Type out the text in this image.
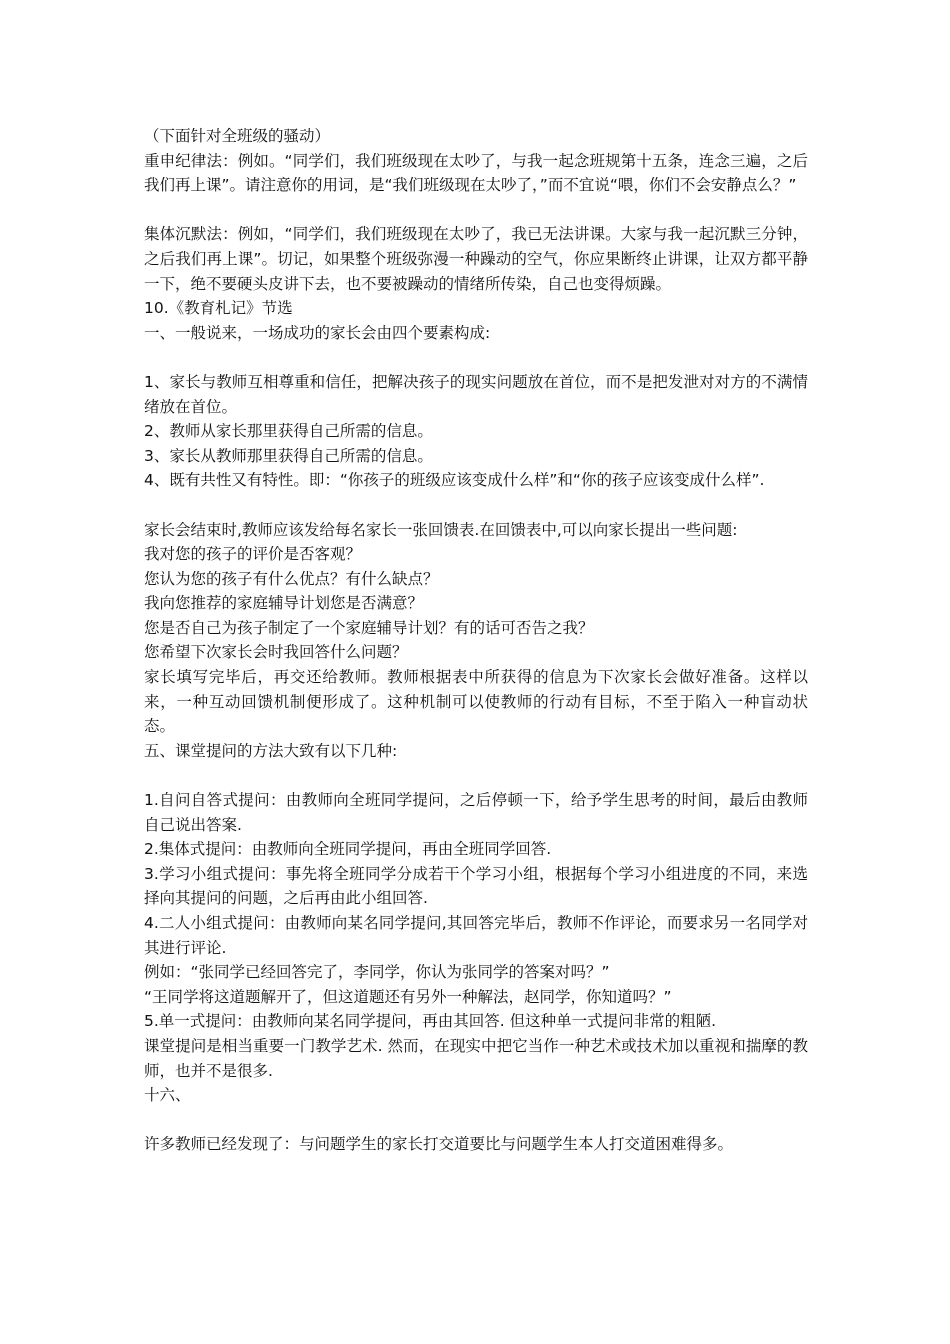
（下面针对全班级的骚动）
重申纪律法：例如。“同学们，我们班级现在太吵了，与我一起念班规第十五条，连念三遍，之后我们再上课”。请注意你的用词，是“我们班级现在太吵了，”而不宜说“喂，你们不会安静点么？”
集体沉默法：例如，“同学们，我们班级现在太吵了，我已无法讲课。大家与我一起沉默三分钟，之后我们再上课”。切记，如果整个班级弥漫一种躁动的空气，你应果断终止讲课，让双方都平静一下，绝不要硬头皮讲下去，也不要被躁动的情绪所传染，自己也变得烦躁。
10.《教育札记》节选
一、一般说来，一场成功的家长会由四个要素构成:
1、家长与教师互相尊重和信任，把解决孩子的现实问题放在首位，而不是把发泄对对方的不满情绪放在首位。
2、教师从家长那里获得自己所需的信息。
3、家长从教师那里获得自己所需的信息。
4、既有共性又有特性。即：“你孩子的班级应该变成什么样”和“你的孩子应该变成什么样”.
家长会结束时,教师应该发给每名家长一张回馈表.在回馈表中,可以向家长提出一些问题:
我对您的孩子的评价是否客观？
您认为您的孩子有什么优点？有什么缺点？
我向您推荐的家庭辅导计划您是否满意？
您是否自己为孩子制定了一个家庭辅导计划？有的话可否告之我？
您希望下次家长会时我回答什么问题？
家长填写完毕后，再交还给教师。教师根据表中所获得的信息为下次家长会做好准备。这样以来，一种互动回馈机制便形成了。这种机制可以使教师的行动有目标，不至于陷入一种盲动状态。
五、课堂提问的方法大致有以下几种:
1.自问自答式提问：由教师向全班同学提问，之后停顿一下，给予学生思考的时间，最后由教师自己说出答案.
2.集体式提问：由教师向全班同学提问，再由全班同学回答.
3.学习小组式提问：事先将全班同学分成若干个学习小组，根据每个学习小组进度的不同，来选择向其提问的问题，之后再由此小组回答.
4.二人小组式提问：由教师向某名同学提问,其回答完毕后，教师不作评论，而要求另一名同学对其进行评论.
例如：“张同学已经回答完了，李同学，你认为张同学的答案对吗？”
“王同学将这道题解开了，但这道题还有另外一种解法，赵同学，你知道吗？”
5.单一式提问：由教师向某名同学提问，再由其回答. 但这种单一式提问非常的粗陋.
课堂提问是相当重要一门教学艺术. 然而，在现实中把它当作一种艺术或技术加以重视和揣摩的教师，也并不是很多.
十六、
许多教师已经发现了：与问题学生的家长打交道要比与问题学生本人打交道困难得多。
